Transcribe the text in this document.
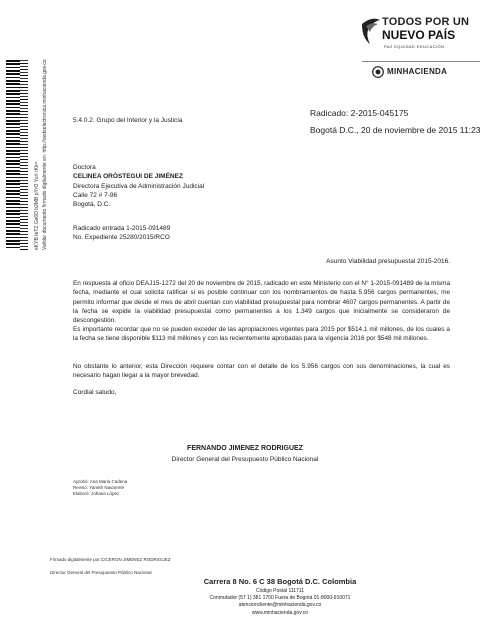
eKYB teTZ Gs6O b2MB pYrO YurI rKk= Validar documento firmado digitalmente en: http://sedeelectronica.minhacienda.gov.co
TODOS POR UN
NUEVO PAÍS
PAZ EQUIDAD EDUCACIÓN
MINHACIENDA
Radicado: 2-2015-045175
Bogotá D.C., 20 de noviembre de 2015 11:23
5.4.0.2. Grupo del Interior y la Justicia
Doctora
CELINEA ORÓSTEGUI DE JIMÉNEZ
Directora Ejecutiva de Administración Judicial
Calle 72 # 7-96
Bogotá, D.C.
Radicado entrada 1-2015-091489
No. Expediente 25280/2015/RCO
Asunto Viabilidad presupuestal 2015-2016.
En respuesta al oficio DEAJ15-1272 del 20 de noviembre de 2015, radicado en este Ministerio con el N° 1-2015-091489 de la misma fecha, mediante el cual solicita ratificar si es posible continuar con los nombramientos de hasta 5.956 cargos permanentes, me permito informar que desde el mes de abril cuentan con viabilidad presupuestal para nombrar 4607 cargos permanentes. A partir de la fecha se expide la viabilidad presupuestal como permanentes a los 1.349 cargos que inicialmente se consideraron de descongestión.
Es importante recordar que no se pueden exceder de las apropiaciones vigentes para 2015 por $514,1 mil millones, de los cuales a la fecha se tiene disponible $113 mil millones y con las recientemente aprobadas para la vigencia 2016 por $548 mil millones.
No obstante lo anterior, esta Dirección requiere contar con el detalle de los 5.956 cargos con sus denominaciones, la cual es necesario hagan llegar a la mayor brevedad.
Cordial saludo,
FERNANDO JIMENEZ RODRIGUEZ
Director General del Presupuesto Público Nacional
Aprobó: Ana Maria Cadena
Revisó: Yaneth Navarrete
Elaboró: Johana López
Firmado digitalmente por:CICERON JIMENEZ RODRIGUEZ
Director General del Presupuesto Público Nacional
Carrera 8 No. 6 C 38 Bogotá D.C. Colombia
Código Postal 111711
Conmutador (57 1) 381 1700 Fuera de Bogotá 01-8000-910071
atencioncliente@minhacienda.gov.co
www.minhacienda.gov.co
